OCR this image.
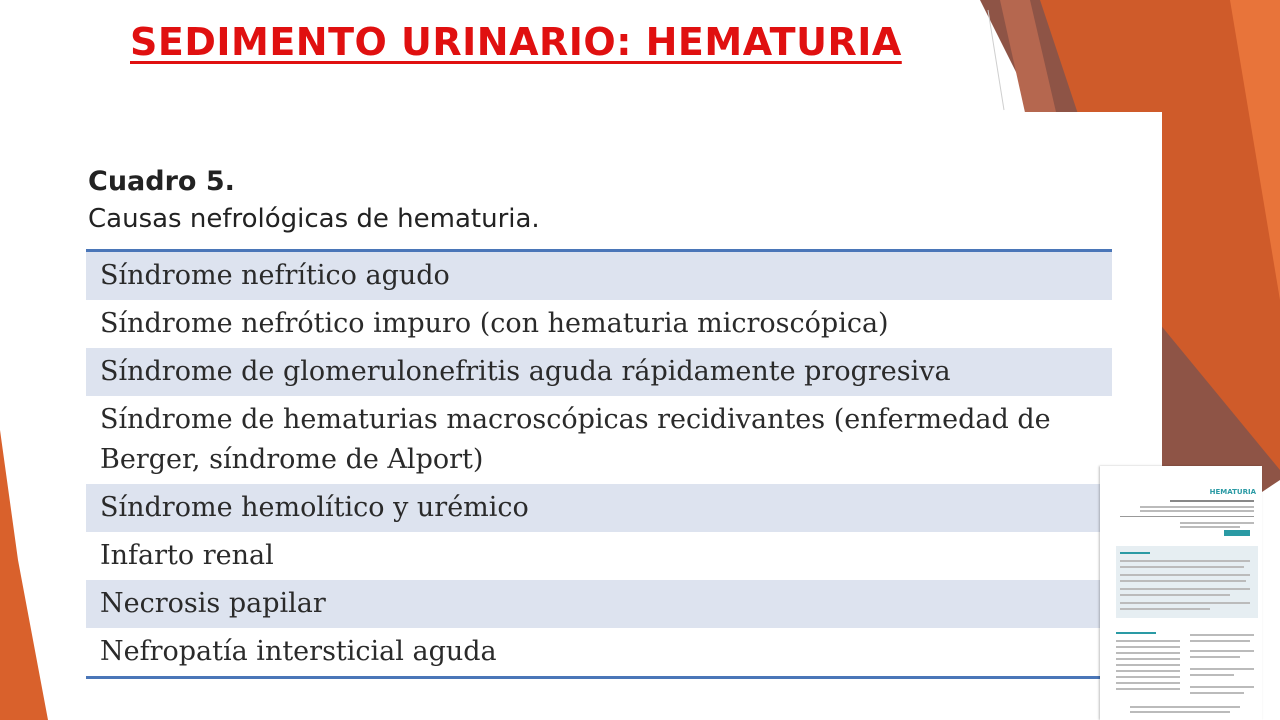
SEDIMENTO URINARIO: HEMATURIA
Cuadro 5.
Causas nefrológicas de hematuria.
Síndrome nefrítico agudo
Síndrome nefrótico impuro (con hematuria microscópica)
Síndrome de glomerulonefritis aguda rápidamente progresiva
Síndrome de hematurias macroscópicas recidivantes (enfermedad de Berger, síndrome de Alport)
Síndrome hemolítico y urémico
Infarto renal
Necrosis papilar
Nefropatía intersticial aguda
HEMATURIA
